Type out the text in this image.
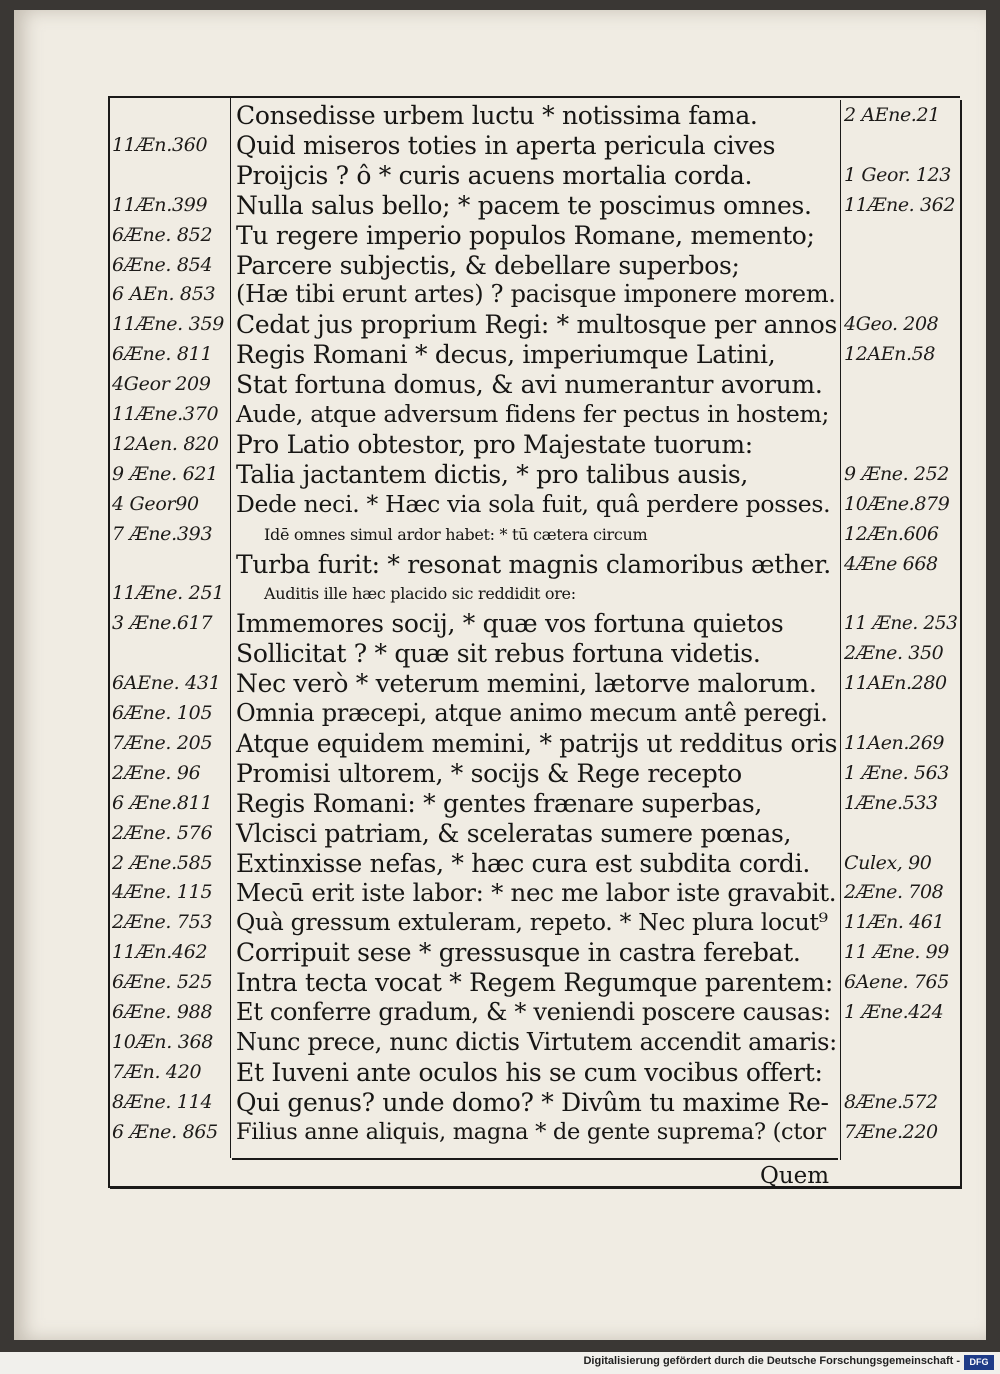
Consedisse urbem luctu * notissima fama.	2 AEne.21
11Æn.360	Quid miseros toties in aperta pericula cives
Proijcis ? ô * curis acuens mortalia corda.	1 Geor. 123
11Æn.399	Nulla salus bello; * pacem te poscimus omnes.	11Æne. 362
6Æne. 852 Tu regere imperio populos Romane, memento;
6Æne. 854 Parcere subjectis, & debellare superbos;
6 AEn. 853 (Hæ tibi erunt artes) ? pacisque imponere morem.
11Æne. 359 Cedat jus proprium Regi: * multosque per annos 4Geo. 208
6Æne. 811 Regis Romani * decus, imperiumque Latini,	12AEn.58
4Geor 209	Stat fortuna domus, & avi numerantur avorum.
11Æne.370 Aude, atque adversum fidens fer pectus in hostem;
12Aen. 820 Pro Latio obtestor, pro Majestate tuorum:
9 Æne. 621 Talia jactantem dictis, * pro talibus ausis,	9 Æne. 252
4 Geor90	Dede neci. * Hæc via sola fuit, quâ perdere posses. 10Æne.879
7 Æne.393	Idē omnes simul ardor habet: * tū cætera circum	12Æn.606
Turba furit: * resonat magnis clamoribus æther. 4Æne 668
11Æne. 251 Auditis ille hæc placido sic reddidit ore:
3 Æne.617 Immemores socij, * quæ vos fortuna quietos	11 Æne. 253
Sollicitat ? * quæ sit rebus fortuna videtis.	2Æne. 350
6AEne. 431 Nec verò * veterum memini, lætorve malorum.	11AEn.280
6Æne. 105 Omnia præcepi, atque animo mecum antê peregi.
7Æne. 205 Atque equidem memini, * patrijs ut redditus oris 11Aen.269
2Æne. 96	Promisi ultorem, * socijs & Rege recepto	1 Æne. 563
6 Æne.811 Regis Romani: * gentes frænare superbas,	1Æne.533
2Æne. 576 Vlcisci patriam, & sceleratas sumere pœnas,
2 Æne.585 Extinxisse nefas, * hæc cura est subdita cordi.	Culex, 90
4Æne. 115 Mecū erit iste labor: * nec me labor iste gravabit. 2Æne. 708
2Æne. 753	Quà gressum extuleram, repeto. * Nec plura locut⁹ 11Æn. 461
11Æn.462	Corripuit sese * gressusque in castra ferebat.	11 Æne. 99
6Æne. 525 Intra tecta vocat * Regem Regumque parentem: 6Aene. 765
6Æne. 988 Et conferre gradum, & * veniendi poscere causas: 1 Æne.424
10Æn. 368 Nunc prece, nunc dictis Virtutem accendit amaris:
7Æn. 420	Et Iuveni ante oculos his se cum vocibus offert:
8Æne. 114 Qui genus? unde domo? * Divûm tu maxime Re- 8Æne.572
6 Æne. 865 Filius anne aliquis, magna * de gente suprema? (ctor 7Æne.220
Quem
Digitalisierung gefördert durch die Deutsche Forschungsgemeinschaft -	DFG
